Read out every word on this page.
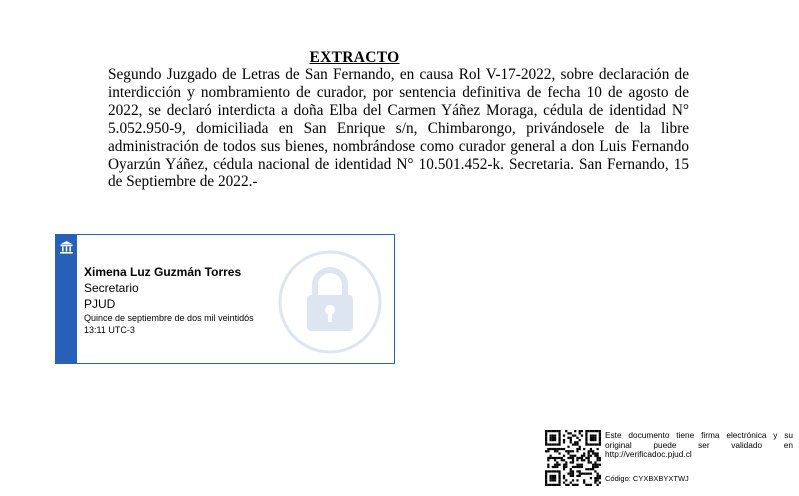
EXTRACTO
Segundo Juzgado de Letras de San Fernando, en causa Rol V-17-2022, sobre declaración de interdicción y nombramiento de curador, por sentencia definitiva de fecha 10 de agosto de 2022, se declaró interdicta a doña Elba del Carmen Yáñez Moraga, cédula de identidad N° 5.052.950-9, domiciliada en San Enrique s/n, Chimbarongo, privándosele de la libre administración de todos sus bienes, nombrándose como curador general a don Luis Fernando Oyarzún Yáñez, cédula nacional de identidad N° 10.501.452-k. Secretaria. San Fernando, 15 de Septiembre de 2022.-
Ximena Luz Guzmán Torres
Secretario
PJUD
Quince de septiembre de dos mil veintidós
13:11 UTC-3
Este documento tiene firma electrónica y su original puede ser validado en http://verificadoc.pjud.cl
Código: CYXBXBYXTWJ
